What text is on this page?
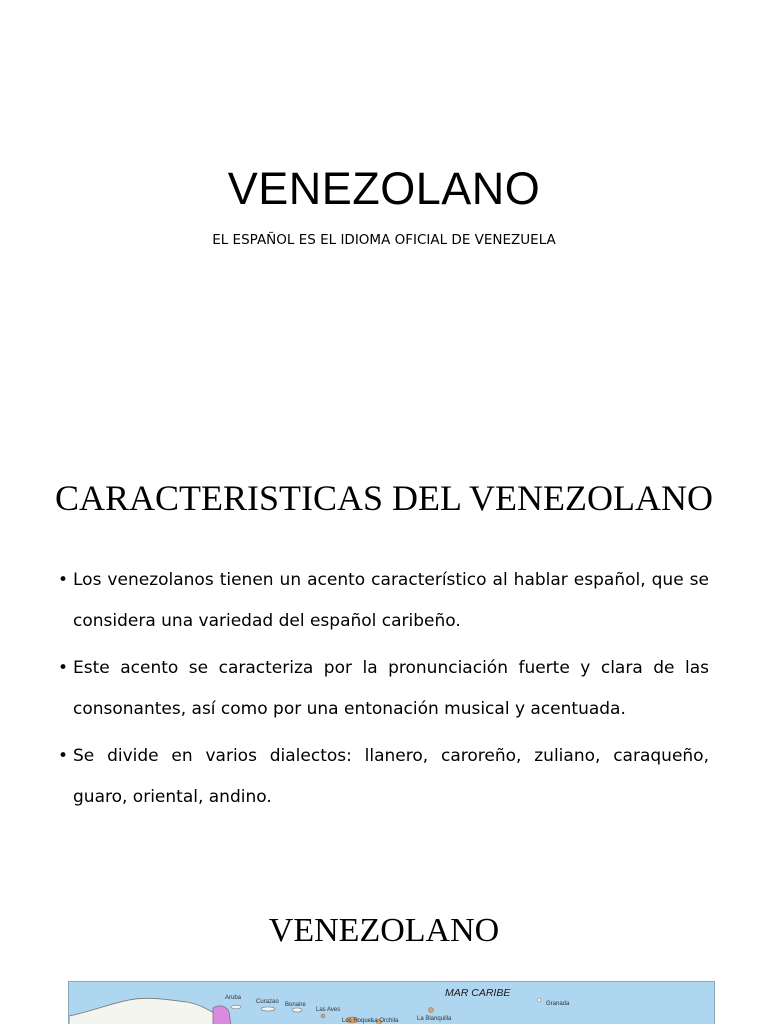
VENEZOLANO
EL ESPAÑOL ES EL IDIOMA OFICIAL DE VENEZUELA
CARACTERISTICAS DEL VENEZOLANO
• Los venezolanos tienen un acento característico al hablar español, que se considera una variedad del español caribeño.
• Este acento se caracteriza por la pronunciación fuerte y clara de las consonantes, así como por una entonación musical y acentuada.
• Se divide en varios dialectos: llanero, caroreño, zuliano, caraqueño, guaro, oriental, andino.
VENEZOLANO
MAR CARIBE
Aruba
Curazao Bonaire
Las Aves
La Blanquilla
Granada
Los Roques
La Orchila
